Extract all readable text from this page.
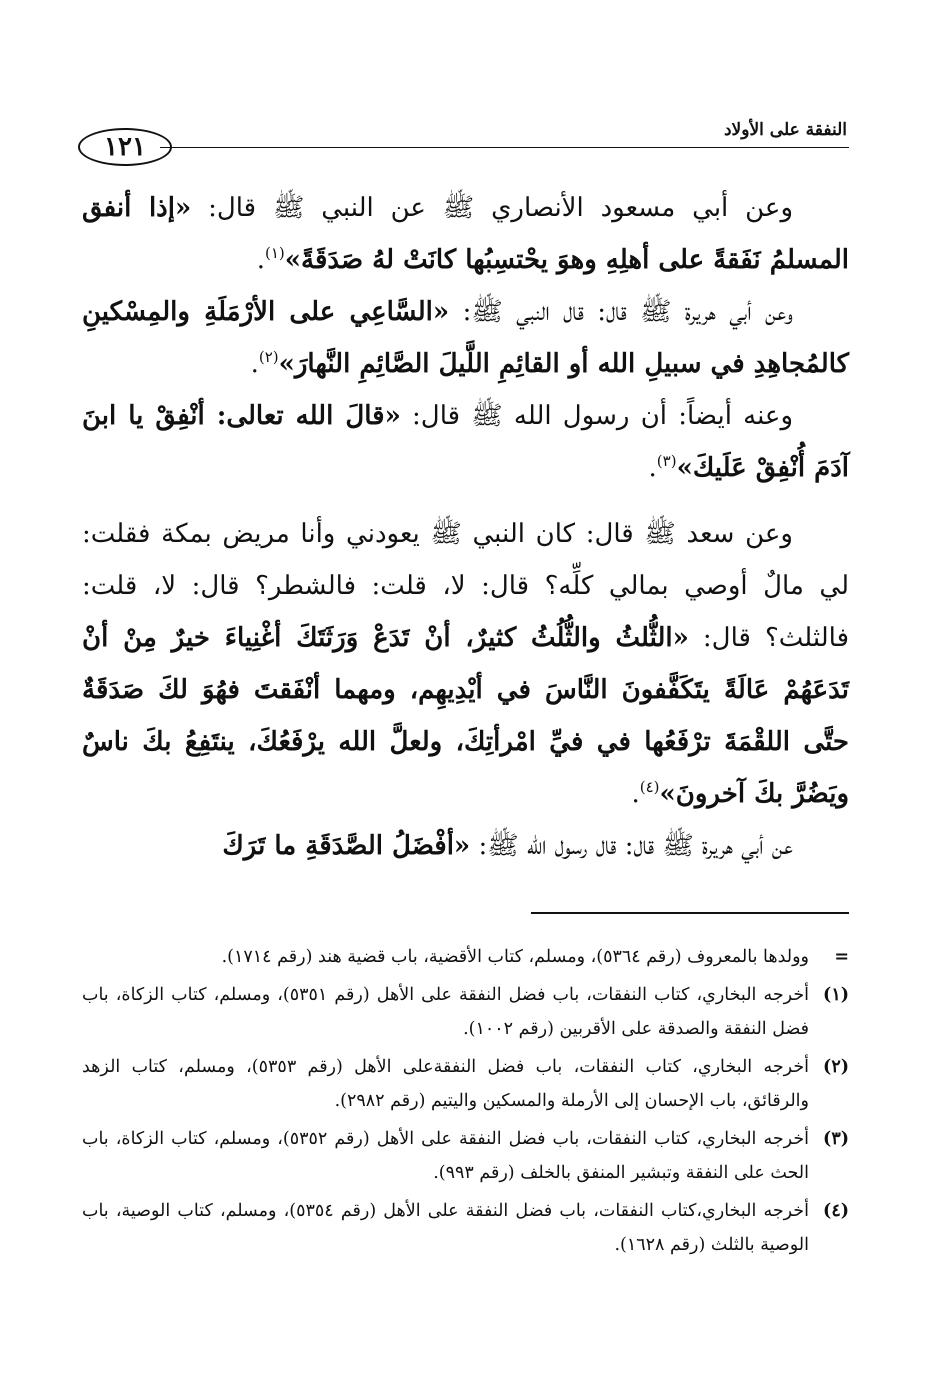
النفقة على الأولاد
١٢١

وعن أبي مسعود الأنصاري ﷺ عن النبي ﷺ قال: «إذا أنفق المسلمُ نَفَقةً على أهلِهِ وهوَ يحْتسِبُها كانَتْ لهُ صَدَقَةً»$^{(١)}$.

وعن أبي هريرة ﷺ قال: قال النبي ﷺ: «السَّاعِي على الأرْمَلَةِ والمِسْكينِ كالمُجاهِدِ في سبيلِ الله أو القائِمِ اللَّيلَ الصَّائِمِ النَّهارَ»$^{(٢)}$.

وعنه أيضاً: أن رسول الله ﷺ قال: «قالَ الله تعالى: أنْفِقْ يا ابنَ آدَمَ أُنْفِقْ عَلَيكَ»$^{(٣)}$.

وعن سعد ﷺ قال: كان النبي ﷺ يعودني وأنا مريض بمكة فقلت: لي مالٌ أوصي بمالي كلِّه؟ قال: لا، قلت: فالشطر؟ قال: لا، قلت: فالثلث؟ قال: «الثُّلثُ والثُّلُثُ كثيرٌ، أنْ تَدَعْ وَرَثَتَكَ أغْنِياءَ خيرٌ مِنْ أنْ تَدَعَهُمْ عَالَةً يتَكَفَّفونَ النَّاسَ في أيْدِيهِم، ومهما أنْفَقتَ فهُوَ لكَ صَدَقَةٌ حتَّى اللقْمَةَ ترْفَعُها في فيِّ امْرأتِكَ، ولعلَّ الله يرْفَعُكَ، ينتَفِعُ بكَ ناسٌ ويَضُرَّ بكَ آخرونَ»$^{(٤)}$.

عن أبي هريرة ﷺ قال: قال رسول الله ﷺ: «أفْضَلُ الصَّدَقَةِ ما تَرَكَ

=
وولدها بالمعروف (رقم ٥٣٦٤)، ومسلم، كتاب الأقضية، باب قضية هند (رقم ١٧١٤).
(١)
أخرجه البخاري، كتاب النفقات، باب فضل النفقة على الأهل (رقم ٥٣٥١)، ومسلم، كتاب الزكاة، باب فضل النفقة والصدقة على الأقربين (رقم ١٠٠٢).
(٢)
أخرجه البخاري، كتاب النفقات، باب فضل النفقةعلى الأهل (رقم ٥٣٥٣)، ومسلم، كتاب الزهد والرقائق، باب الإحسان إلى الأرملة والمسكين واليتيم (رقم ٢٩٨٢).
(٣)
أخرجه البخاري، كتاب النفقات، باب فضل النفقة على الأهل (رقم ٥٣٥٢)، ومسلم، كتاب الزكاة، باب الحث على النفقة وتبشير المنفق بالخلف (رقم ٩٩٣).
(٤)
أخرجه البخاري،كتاب النفقات، باب فضل النفقة على الأهل (رقم ٥٣٥٤)، ومسلم، كتاب الوصية، باب الوصية بالثلث (رقم ١٦٢٨).
